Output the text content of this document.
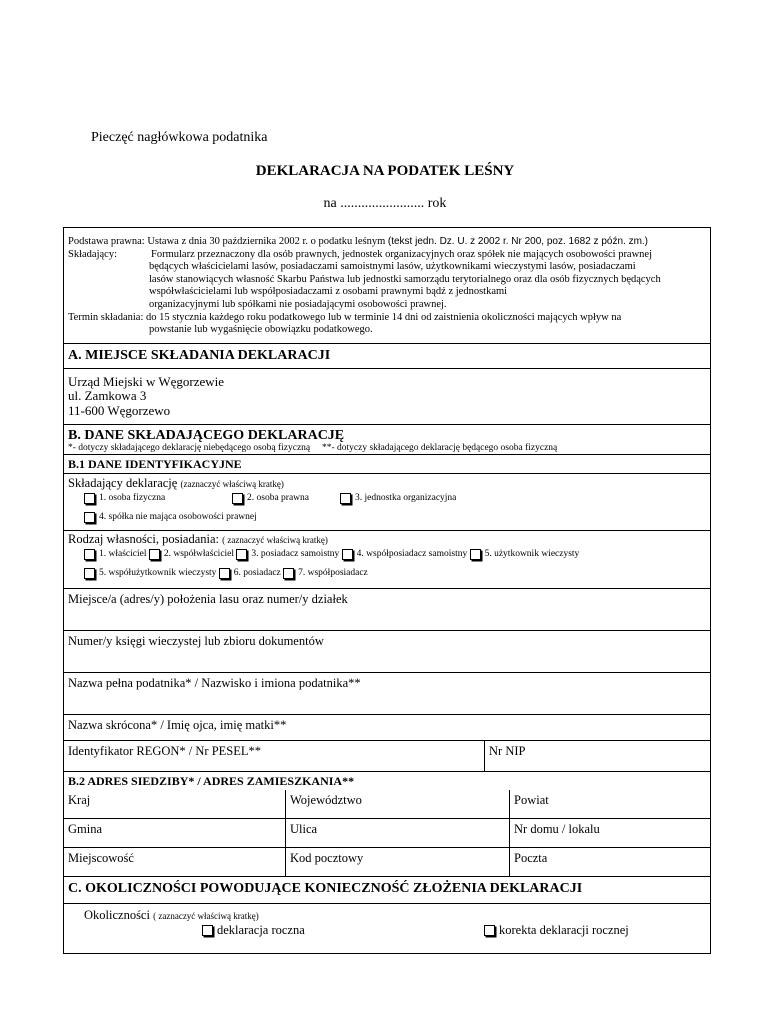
Pieczęć nagłówkowa podatnika
DEKLARACJA NA PODATEK LEŚNY
na ........................ rok
Podstawa prawna: Ustawa z dnia 30 października 2002 r. o podatku leśnym (tekst jedn. Dz. U. z 2002 r. Nr 200, poz. 1682 z późn. zm.)
Składający:	Formularz przeznaczony dla osób prawnych, jednostek organizacyjnych oraz spółek nie mających osobowości prawnej
będących właścicielami lasów, posiadaczami samoistnymi lasów, użytkownikami wieczystymi lasów, posiadaczami
lasów stanowiących własność Skarbu Państwa lub jednostki samorządu terytorialnego oraz dla osób fizycznych będących
współwłaścicielami lub współposiadaczami z osobami prawnymi bądź z jednostkami
organizacyjnymi lub spółkami nie posiadającymi osobowości prawnej.
Termin składania: do 15 stycznia każdego roku podatkowego lub w terminie 14 dni od zaistnienia okoliczności mających wpływ na
powstanie lub wygaśnięcie obowiązku podatkowego.
A. MIEJSCE SKŁADANIA DEKLARACJI
Urząd Miejski w Węgorzewie
ul. Zamkowa 3
11-600 Węgorzewo
B. DANE SKŁADAJĄCEGO DEKLARACJĘ
*- dotyczy składającego deklarację niebędącego osobą fizyczną **- dotyczy składającego deklarację będącego osoba fizyczną
B.1 DANE IDENTYFIKACYJNE
Składający deklarację (zaznaczyć właściwą kratkę)
1. osoba fizyczna	2. osoba prawna	3. jednostka organizacyjna
4. spółka nie mająca osobowości prawnej
Rodzaj własności, posiadania: ( zaznaczyć właściwą kratkę)
1. właściciel
2. współwłaściciel
3. posiadacz samoistny
4. współposiadacz samoistny
5. użytkownik wieczysty
5. współużytkownik wieczysty
6. posiadacz
7. współposiadacz
Miejsce/a (adres/y) położenia lasu oraz numer/y działek
Numer/y księgi wieczystej lub zbioru dokumentów
Nazwa pełna podatnika* / Nazwisko i imiona podatnika**
Nazwa skrócona* / Imię ojca, imię matki**
Identyfikator REGON* / Nr PESEL**	Nr NIP
B.2 ADRES SIEDZIBY* / ADRES ZAMIESZKANIA**
Kraj	Województwo	Powiat
Gmina	Ulica	Nr domu / lokalu
Miejscowość	Kod pocztowy	Poczta
C. OKOLICZNOŚCI POWODUJĄCE KONIECZNOŚĆ ZŁOŻENIA DEKLARACJI
Okoliczności ( zaznaczyć właściwą kratkę)
deklaracja roczna	korekta deklaracji rocznej
